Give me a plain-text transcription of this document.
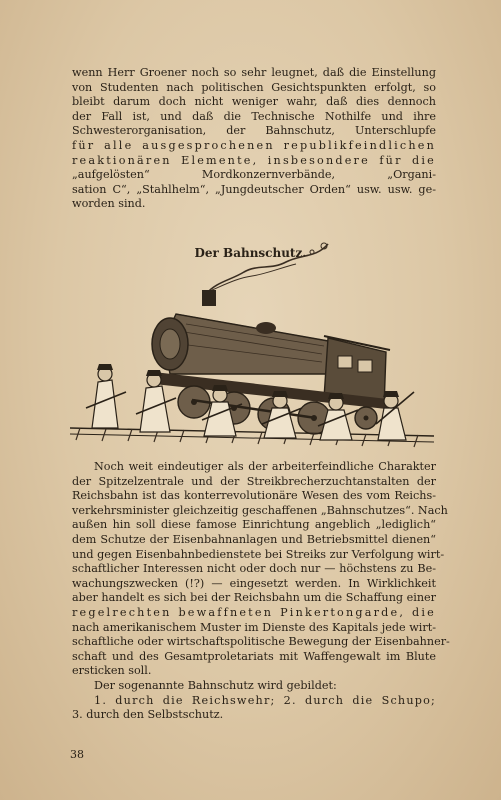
wenn Herr Groener noch so sehr leugnet, daß die Einstellung
von Studenten nach politischen Gesichtspunkten erfolgt, so
bleibt darum doch nicht weniger wahr, daß dies dennoch
der Fall ist, und daß die Technische Nothilfe und ihre
Schwesterorganisation, der Bahnschutz, Unterschlupfe
für alle ausgesprochenen republikfeindlichen
reaktionären Elemente, insbesondere für die
„aufgelösten“ Mordkonzernverbände, „Organi-
sation C“, „Stahlhelm“, „Jungdeutscher Orden“ usw. usw. ge-
worden sind.
Der Bahnschutz.
Noch weit eindeutiger als der arbeiterfeindliche Charakter
der Spitzelzentrale und der Streikbrecherzuchtanstalten der
Reichsbahn ist das konterrevolutionäre Wesen des vom Reichs-
verkehrsminister gleichzeitig geschaffenen „Bahnschutzes“. Nach
außen hin soll diese famose Einrichtung angeblich „lediglich“
dem Schutze der Eisenbahnanlagen und Betriebsmittel dienen“
und gegen Eisenbahnbedienstete bei Streiks zur Verfolgung wirt-
schaftlicher Interessen nicht oder doch nur — höchstens zu Be-
wachungszwecken (!?) — eingesetzt werden. In Wirklichkeit
aber handelt es sich bei der Reichsbahn um die Schaffung einer
regelrechten bewaffneten Pinkertongarde, die
nach amerikanischem Muster im Dienste des Kapitals jede wirt-
schaftliche oder wirtschaftspolitische Bewegung der Eisenbahner-
schaft und des Gesamtproletariats mit Waffengewalt im Blute
ersticken soll.
Der sogenannte Bahnschutz wird gebildet:
1. durch die Reichswehr; 2. durch die Schupo;
3. durch den Selbstschutz.
38
